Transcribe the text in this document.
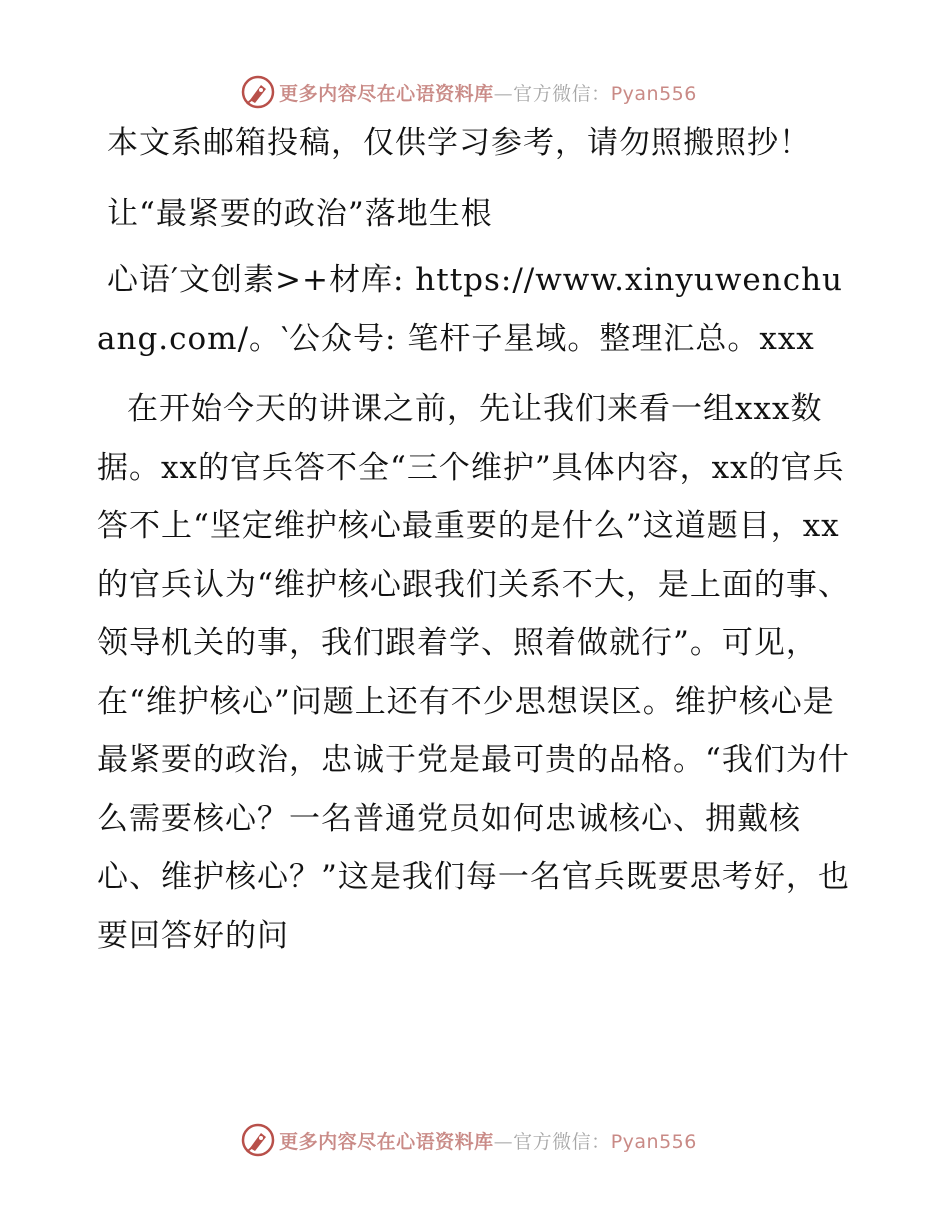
更多内容尽在心语资料库—官方微信：Pyan556

本文系邮箱投稿，仅供学习参考，请勿照搬照抄！

让“最紧要的政治”落地生根

心语′文创素>+材库: https://www.xinyuwenchuang.com/。‵公众号: 笔杆子星域。整理汇总。xxx

在开始今天的讲课之前，先让我们来看一组xxx数据。xx的官兵答不全“三个维护”具体内容，xx的官兵答不上“坚定维护核心最重要的是什么”这道题目，xx的官兵认为“维护核心跟我们关系不大，是上面的事、领导机关的事，我们跟着学、照着做就行”。可见，在“维护核心”问题上还有不少思想误区。维护核心是最紧要的政治，忠诚于党是最可贵的品格。“我们为什么需要核心？一名普通党员如何忠诚核心、拥戴核心、维护核心？”这是我们每一名官兵既要思考好，也要回答好的问

更多内容尽在心语资料库—官方微信：Pyan556
